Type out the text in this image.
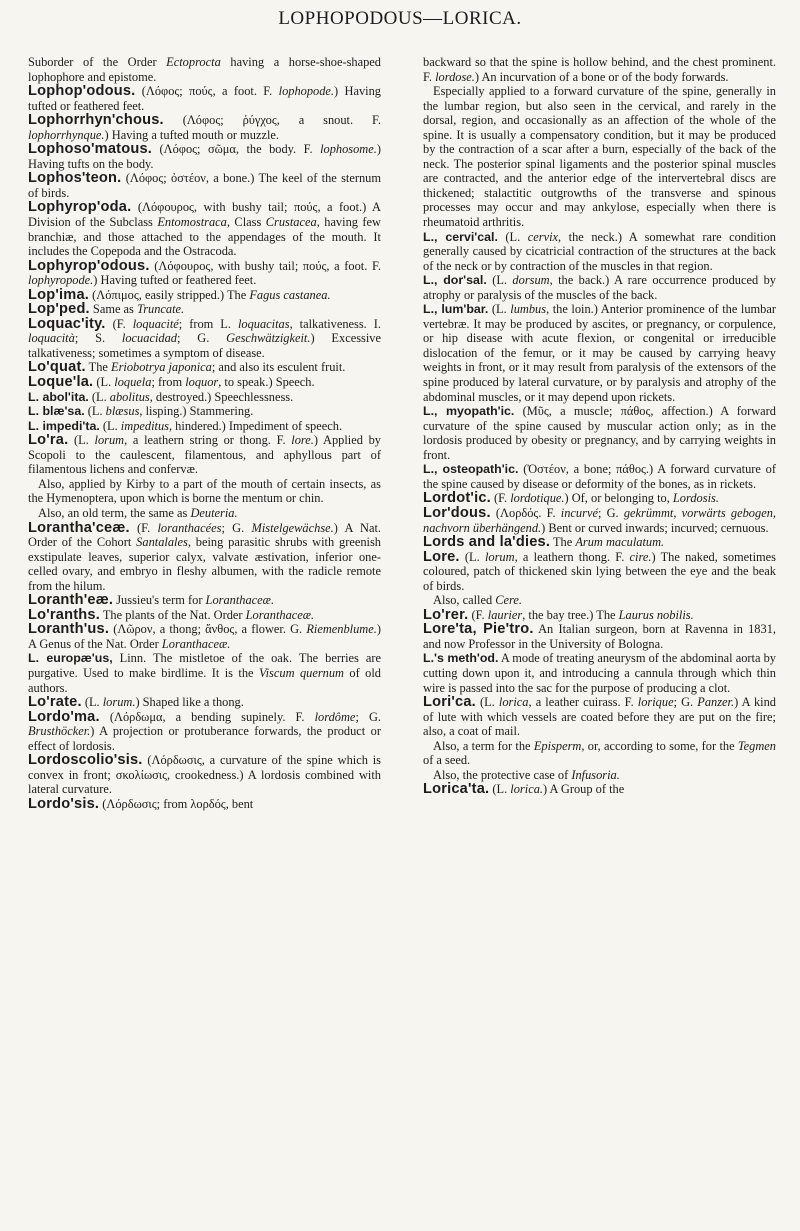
LOPHOPODOUS—LORICA.

Suborder of the Order Ectoprocta having a horse-shoe-shaped lophophore and epistome.

Lophop'odous. (Λόφος; πούς, a foot. F. lophopode.) Having tufted or feathered feet.

Lophorrhyn'chous. (Λόφος; ῥύγχος, a snout. F. lophorrhynque.) Having a tufted mouth or muzzle.

Lophoso'matous. (Λόφος; σῶμα, the body. F. lophosome.) Having tufts on the body.

Lophos'teon. (Λόφος; ὀστέον, a bone.) The keel of the sternum of birds.

Lophyrop'oda. (Λόφουρος, with bushy tail; πούς, a foot.) A Division of the Subclass Entomostraca, Class Crustacea, having few branchiæ, and those attached to the appendages of the mouth. It includes the Copepoda and the Ostracoda.

Lophyrop'odous. (Λόφουρος, with bushy tail; πούς, a foot. F. lophyropode.) Having tufted or feathered feet.

Lop'ima. (Λόπιμος, easily stripped.) The Fagus castanea.

Lop'ped. Same as Truncate.

Loquac'ity. (F. loquacité; from L. loquacitas, talkativeness. I. loquacità; S. locuacidad; G. Geschwätzigkeit.) Excessive talkativeness; sometimes a symptom of disease.

Lo'quat. The Eriobotrya japonica; and also its esculent fruit.

Loque'la. (L. loquela; from loquor, to speak.) Speech.

L. abol'ita. (L. abolitus, destroyed.) Speechlessness.

L. blæ'sa. (L. blæsus, lisping.) Stammering.

L. impedi'ta. (L. impeditus, hindered.) Impediment of speech.

Lo'ra. (L. lorum, a leathern string or thong. F. lore.) Applied by Scopoli to the caulescent, filamentous, and aphyllous part of filamentous lichens and confervæ.
Also, applied by Kirby to a part of the mouth of certain insects, as the Hymenoptera, upon which is borne the mentum or chin.
Also, an old term, the same as Deuteria.

Lorantha'ceæ. (F. loranthacées; G. Mistelgewächse.) A Nat. Order of the Cohort Santalales, being parasitic shrubs with greenish exstipulate leaves, superior calyx, valvate æstivation, inferior one-celled ovary, and embryo in fleshy albumen, with the radicle remote from the hilum.

Loranth'eæ. Jussieu's term for Loranthaceæ.

Lo'ranths. The plants of the Nat. Order Loranthaceæ.

Loranth'us. (Λῶρον, a thong; ἄνθος, a flower. G. Riemenblume.) A Genus of the Nat. Order Loranthaceæ.

L. europæ'us, Linn. The mistletoe of the oak. The berries are purgative. Used to make birdlime. It is the Viscum quernum of old authors.

Lo'rate. (L. lorum.) Shaped like a thong.

Lordo'ma. (Λόρδωμα, a bending supinely. F. lordôme; G. Brusthöcker.) A projection or protuberance forwards, the product or effect of lordosis.

Lordoscolio'sis. (Λόρδωσις, a curvature of the spine which is convex in front; σκολίωσις, crookedness.) A lordosis combined with lateral curvature.

Lordo'sis. (Λόρδωσις; from λορδός, bent

backward so that the spine is hollow behind, and the chest prominent. F. lordose.) An incurvation of a bone or of the body forwards.
Especially applied to a forward curvature of the spine, generally in the lumbar region, but also seen in the cervical, and rarely in the dorsal, region, and occasionally as an affection of the whole of the spine. It is usually a compensatory condition, but it may be produced by the contraction of a scar after a burn, especially of the back of the neck. The posterior spinal ligaments and the posterior spinal muscles are contracted, and the anterior edge of the intervertebral discs are thickened; stalactitic outgrowths of the transverse and spinous processes may occur and may ankylose, especially when there is rheumatoid arthritis.

L., cervi'cal. (L. cervix, the neck.) A somewhat rare condition generally caused by cicatricial contraction of the structures at the back of the neck or by contraction of the muscles in that region.

L., dor'sal. (L. dorsum, the back.) A rare occurrence produced by atrophy or paralysis of the muscles of the back.

L., lum'bar. (L. lumbus, the loin.) Anterior prominence of the lumbar vertebræ. It may be produced by ascites, or pregnancy, or corpulence, or hip disease with acute flexion, or congenital or irreducible dislocation of the femur, or it may be caused by carrying heavy weights in front, or it may result from paralysis of the extensors of the spine produced by lateral curvature, or by paralysis and atrophy of the abdominal muscles, or it may depend upon rickets.

L., myopath'ic. (Μῦς, a muscle; πάθος, affection.) A forward curvature of the spine caused by muscular action only; as in the lordosis produced by obesity or pregnancy, and by carrying weights in front.

L., osteopath'ic. (Ὀστέον, a bone; πάθος.) A forward curvature of the spine caused by disease or deformity of the bones, as in rickets.

Lordot'ic. (F. lordotique.) Of, or belonging to, Lordosis.

Lor'dous. (Λορδός. F. incurvé; G. gekrümmt, vorwärts gebogen, nachvorn überhängend.) Bent or curved inwards; incurved; cernuous.

Lords and la'dies. The Arum maculatum.

Lore. (L. lorum, a leathern thong. F. cire.) The naked, sometimes coloured, patch of thickened skin lying between the eye and the beak of birds.
Also, called Cere.

Lo'rer. (F. laurier, the bay tree.) The Laurus nobilis.

Lore'ta, Pie'tro. An Italian surgeon, born at Ravenna in 1831, and now Professor in the University of Bologna.

L.'s meth'od. A mode of treating aneurysm of the abdominal aorta by cutting down upon it, and introducing a cannula through which thin wire is passed into the sac for the purpose of producing a clot.

Lori'ca. (L. lorica, a leather cuirass. F. lorique; G. Panzer.) A kind of lute with which vessels are coated before they are put on the fire; also, a coat of mail.
Also, a term for the Episperm, or, according to some, for the Tegmen of a seed.
Also, the protective case of Infusoria.

Lorica'ta. (L. lorica.) A Group of the
